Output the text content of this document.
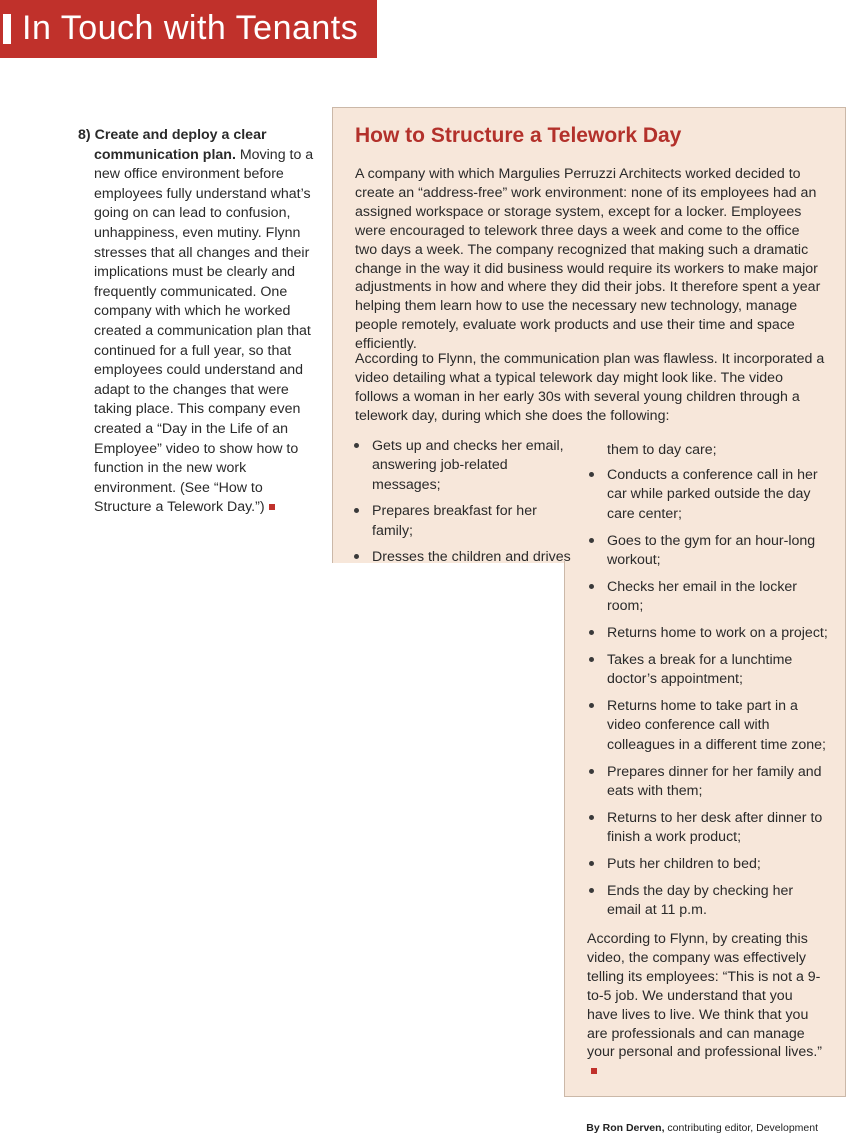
In Touch with Tenants
8) Create and deploy a clear communication plan. Moving to a new office environment before employees fully understand what’s going on can lead to confusion, unhappiness, even mutiny. Flynn stresses that all changes and their implications must be clearly and frequently communicated. One company with which he worked created a communication plan that continued for a full year, so that employees could understand and adapt to the changes that were taking place. This company even created a “Day in the Life of an Employee” video to show how to function in the new work environment. (See “How to Structure a Telework Day.”)
How to Structure a Telework Day
A company with which Margulies Perruzzi Architects worked decided to create an “address-free” work environment: none of its employees had an assigned workspace or storage system, except for a locker. Employees were encouraged to telework three days a week and come to the office two days a week. The company recognized that making such a dramatic change in the way it did business would require its workers to make major adjustments in how and where they did their jobs. It therefore spent a year helping them learn how to use the necessary new technology, manage people remotely, evaluate work products and use their time and space efficiently.
According to Flynn, the communication plan was flawless. It incorporated a video detailing what a typical telework day might look like. The video follows a woman in her early 30s with several young children through a telework day, during which she does the following:
Gets up and checks her email, answering job-related messages;
Prepares breakfast for her family;
Dresses the children and drives
them to day care;
Conducts a conference call in her car while parked outside the day care center;
Goes to the gym for an hour-long workout;
Checks her email in the locker room;
Returns home to work on a project;
Takes a break for a lunchtime doctor’s appointment;
Returns home to take part in a video conference call with colleagues in a different time zone;
Prepares dinner for her family and eats with them;
Returns to her desk after dinner to finish a work product;
Puts her children to bed;
Ends the day by checking her email at 11 p.m.
According to Flynn, by creating this video, the company was effectively telling its employees: “This is not a 9-to-5 job. We understand that you have lives to live. We think that you are professionals and can manage your personal and professional lives.”
By Ron Derven, contributing editor, Development
